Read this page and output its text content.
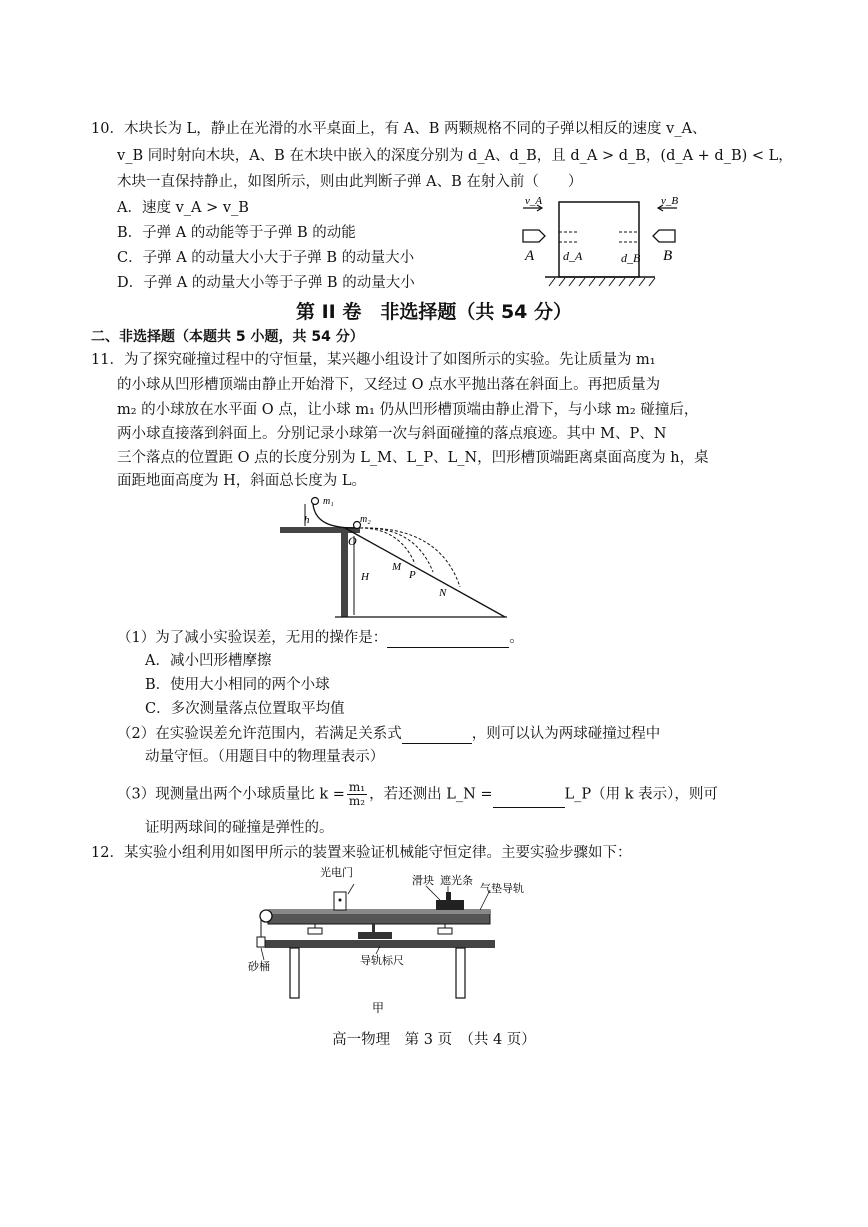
10．木块长为 L，静止在光滑的水平桌面上，有 A、B 两颗规格不同的子弹以相反的速度 v_A、
v_B 同时射向木块，A、B 在木块中嵌入的深度分别为 d_A、d_B，且 d_A > d_B，(d_A + d_B) < L，
木块一直保持静止，如图所示，则由此判断子弹 A、B 在射入前（　　）
A．速度 v_A > v_B
B．子弹 A 的动能等于子弹 B 的动能
C．子弹 A 的动量大小大于子弹 B 的动量大小
D．子弹 A 的动量大小等于子弹 B 的动量大小
v_A	v_B
A	B
d_A	d_B
第 II 卷　非选择题（共 54 分）
二、非选择题（本题共 5 小题，共 54 分）
11．为了探究碰撞过程中的守恒量，某兴趣小组设计了如图所示的实验。先让质量为 m₁
的小球从凹形槽顶端由静止开始滑下，又经过 O 点水平抛出落在斜面上。再把质量为
m₂ 的小球放在水平面 O 点，让小球 m₁ 仍从凹形槽顶端由静止滑下，与小球 m₂ 碰撞后，
两小球直接落到斜面上。分别记录小球第一次与斜面碰撞的落点痕迹。其中 M、P、N
三个落点的位置距 O 点的长度分别为 L_M、L_P、L_N，凹形槽顶端距离桌面高度为 h，桌
面距地面高度为 H，斜面总长度为 L。
m₁
m₂
h
O
H
M
P
N
（1）为了减小实验误差，无用的操作是：	。
A．减小凹形槽摩擦
B．使用大小相同的两个小球
C．多次测量落点位置取平均值
（2）在实验误差允许范围内，若满足关系式	，则可以认为两球碰撞过程中
动量守恒。（用题目中的物理量表示）
（3）现测量出两个小球质量比 $k = \frac{\text{m₁}}{\text{m₂}}$ ，若还测出 L_N =	L_P（用 k 表示），则可
证明两球间的碰撞是弹性的。
12．某实验小组利用如图甲所示的装置来验证机械能守恒定律。主要实验步骤如下：
光电门
滑块 遮光条
气垫导轨
砂桶	导轨标尺
甲
高一物理　第 3 页　（共 4 页）
